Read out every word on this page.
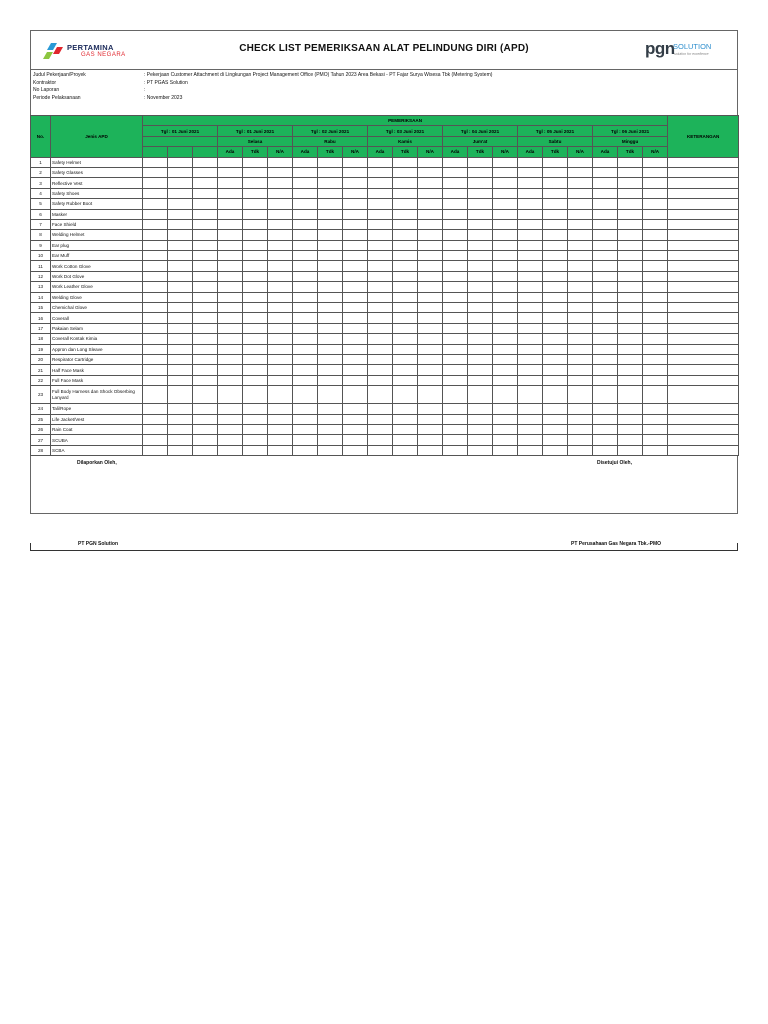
PERTAMINA
GAS NEGARA
CHECK LIST PEMERIKSAAN ALAT PELINDUNG DIRI (APD)	pgn
SOLUTION
solution for excellence
Judul Pekerjaan/Proyek	: Pekerjaan Customer Attachment di Lingkungan Project Management Office (PMO) Tahun 2023 Area Bekasi - PT Fajar Surya Wisesa Tbk (Metering System)
Kontraktor	: PT PGAS Solution
No Laporan	:
Periode Pelaksanaan	: November 2023
No.	Jenis APD	PEMERIKSAAN																					KETERANGAN
		Tgl : 01 Juni 2021			Tgl : 01 Juni 2021			Tgl : 02 Juni 2021			Tgl : 03 Juni 2021			Tgl : 04 Juni 2021			Tgl : 05 Juni 2021			Tgl : 06 Juni 2021			
					Selasa			Rabu			Kamis			Jum'at			Sabtu			Minggu			
					Ada	Tdk	N/A	Ada	Tdk	N/A	Ada	Tdk	N/A	Ada	Tdk	N/A	Ada	Tdk	N/A	Ada	Tdk	N/A	
1	Safety Helmet																						
2	Safety Glasses																						
3	Reflective Vest																						
4	Safety Shoes																						
5	Safety Rubber Boot																						
6	Masker																						
7	Face Shield																						
8	Welding Helmet																						
9	Ear plug																						
10	Ear Muff																						
11	Work Cotton Glove																						
12	Work Dot Glove																						
13	Work Leather Glove																						
14	Welding Glove																						
15	Chemichal Glove																						
16	Coverall																						
17	Pakaian Selam																						
18	Coverall Kontak Kimia																						
19	Appron dan Long Sleave																						
20	Respirator Cartridge																						
21	Half Face Mask																						
22	Full Face Mask																						
23	Full Body Harness dan Shock Obserbing Lanyard																						
24	Tali/Rope																						
25	Life Jacket/Vest																						
26	Rain Coat																						
27	SCUBA																						
28	SCBA																						
Dilaporkan Oleh,	Disetujui Oleh,
PT PGN Solution	PT Perusahaan Gas Negara Tbk.-PMO
